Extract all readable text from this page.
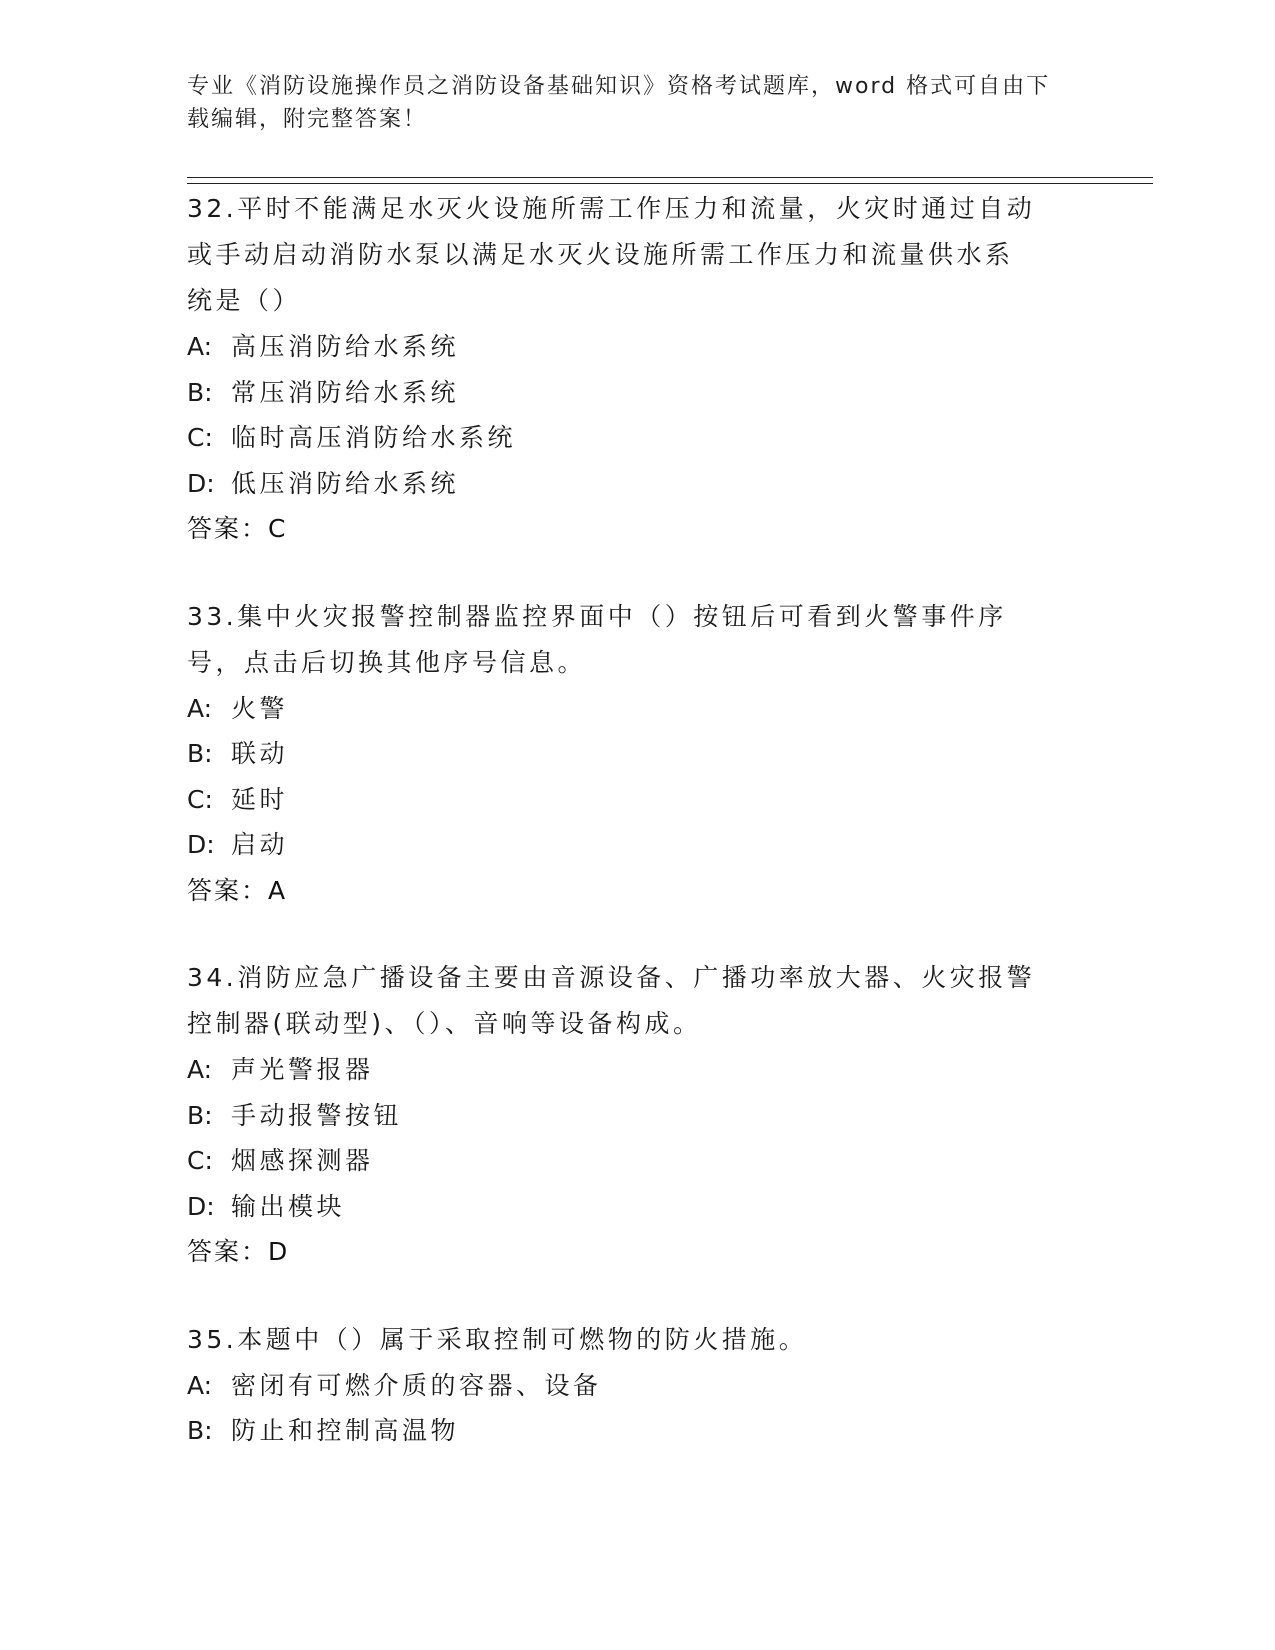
专业《消防设施操作员之消防设备基础知识》资格考试题库，word 格式可自由下载编辑，附完整答案！
32.平时不能满足水灭火设施所需工作压力和流量，火灾时通过自动或手动启动消防水泵以满足水灭火设施所需工作压力和流量供水系统是（）
A: 高压消防给水系统
B: 常压消防给水系统
C: 临时高压消防给水系统
D: 低压消防给水系统
答案：C
33.集中火灾报警控制器监控界面中（）按钮后可看到火警事件序号，点击后切换其他序号信息。
A: 火警
B: 联动
C: 延时
D: 启动
答案：A
34.消防应急广播设备主要由音源设备、广播功率放大器、火灾报警控制器(联动型)、（）、音响等设备构成。
A: 声光警报器
B: 手动报警按钮
C: 烟感探测器
D: 输出模块
答案：D
35.本题中（）属于采取控制可燃物的防火措施。
A: 密闭有可燃介质的容器、设备
B: 防止和控制高温物
